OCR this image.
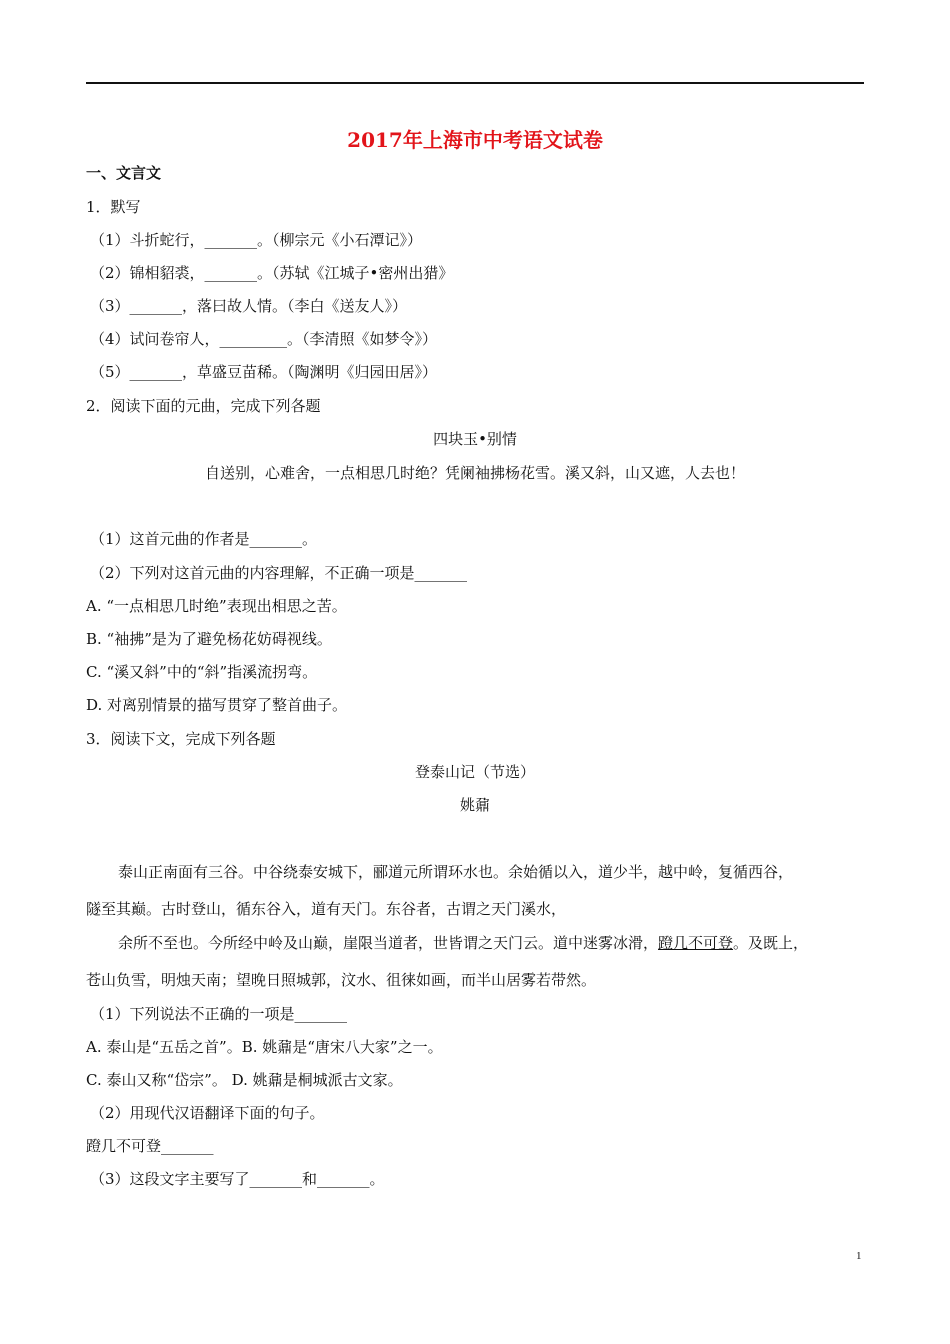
2017年上海市中考语文试卷
一、文言文
1．默写
（1）斗折蛇行，_______。（柳宗元《小石潭记》）
（2）锦相貂裘，_______。（苏轼《江城子•密州出猎》
（3）_______，落曰故人情。（李白《送友人》）
（4）试问卷帘人，_________。（李清照《如梦令》）
（5）_______，草盛豆苗稀。（陶渊明《归园田居》）
2．阅读下面的元曲，完成下列各题
四块玉•别情
自送别，心难舍，一点相思几时绝？凭阑袖拂杨花雪。溪又斜，山又遮，人去也！
（1）这首元曲的作者是_______。
（2）下列对这首元曲的内容理解，不正确一项是_______
A. “一点相思几时绝”表现出相思之苦。
B. “袖拂”是为了避免杨花妨碍视线。
C. “溪又斜”中的“斜”指溪流拐弯。
D. 对离别情景的描写贯穿了整首曲子。
3．阅读下文，完成下列各题
登泰山记（节选）
姚鼐
泰山正南面有三谷。中谷绕泰安城下，郦道元所谓环水也。余始循以入，道少半，越中岭，复循西谷，
隧至其巅。古时登山，循东谷入，道有天门。东谷者，古谓之天门溪水，
余所不至也。今所经中岭及山巅，崖限当道者，世皆谓之天门云。道中迷雾冰滑，蹬几不可登。及既上，
苍山负雪，明烛天南；望晚日照城郭，汶水、徂徕如画，而半山居雾若带然。
（1）下列说法不正确的一项是_______
A. 泰山是“五岳之首”。B. 姚鼐是“唐宋八大家”之一。
C. 泰山又称“岱宗”。 D. 姚鼐是桐城派古文家。
（2）用现代汉语翻译下面的句子。
蹬几不可登_______
（3）这段文字主要写了_______和_______。
1
